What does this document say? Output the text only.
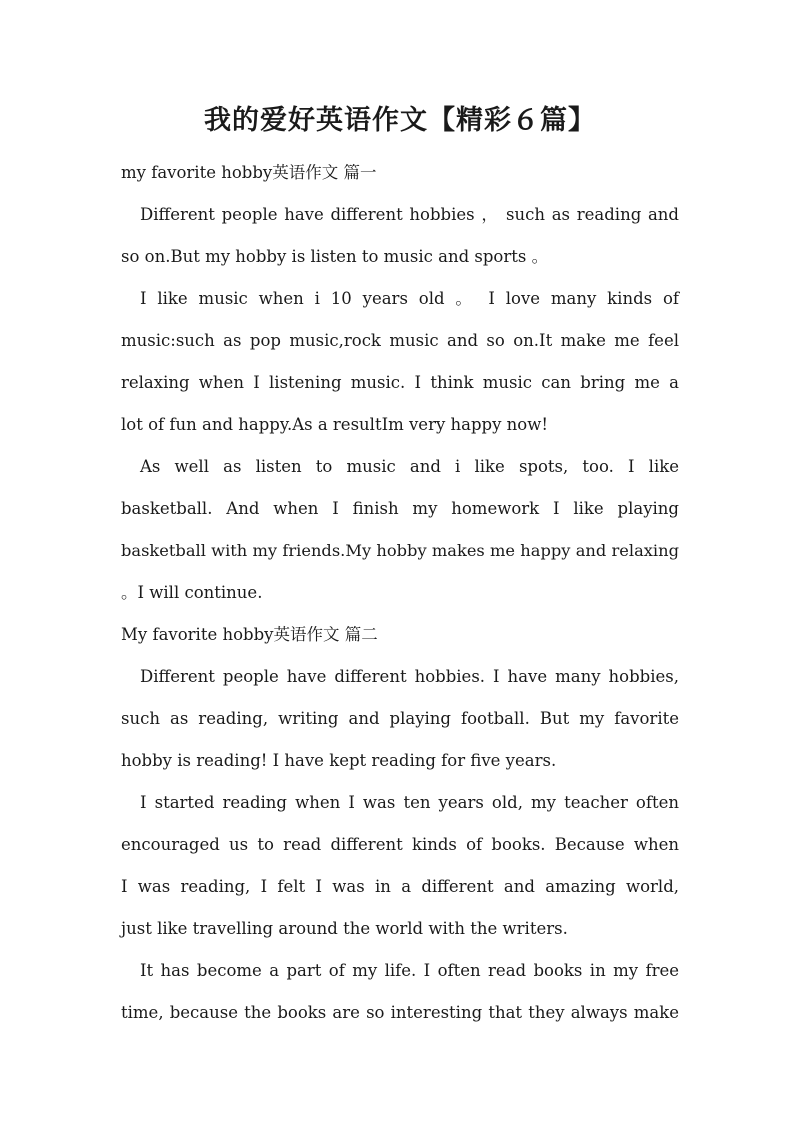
我的爱好英语作文【精彩６篇】
my favorite hobby英语作文 篇一
Different people have different hobbies ， such as reading and
so on.But my hobby is listen to music and sports 。
I like music when i 10 years old 。 I love many kinds of
music:such as pop music,rock music and so on.It make me feel
relaxing when I listening music. I think music can bring me a
lot of fun and happy.As a resultIm very happy now!
As well as listen to music and i like spots, too. I like
basketball. And when I finish my homework I like playing
basketball with my friends.My hobby makes me happy and relaxing
。I will continue.
My favorite hobby英语作文 篇二
Different people have different hobbies. I have many hobbies,
such as reading, writing and playing football. But my favorite
hobby is reading! I have kept reading for five years.
I started reading when I was ten years old, my teacher often
encouraged us to read different kinds of books. Because when
I was reading, I felt I was in a different and amazing world,
just like travelling around the world with the writers.
It has become a part of my life. I often read books in my free
time, because the books are so interesting that they always make
